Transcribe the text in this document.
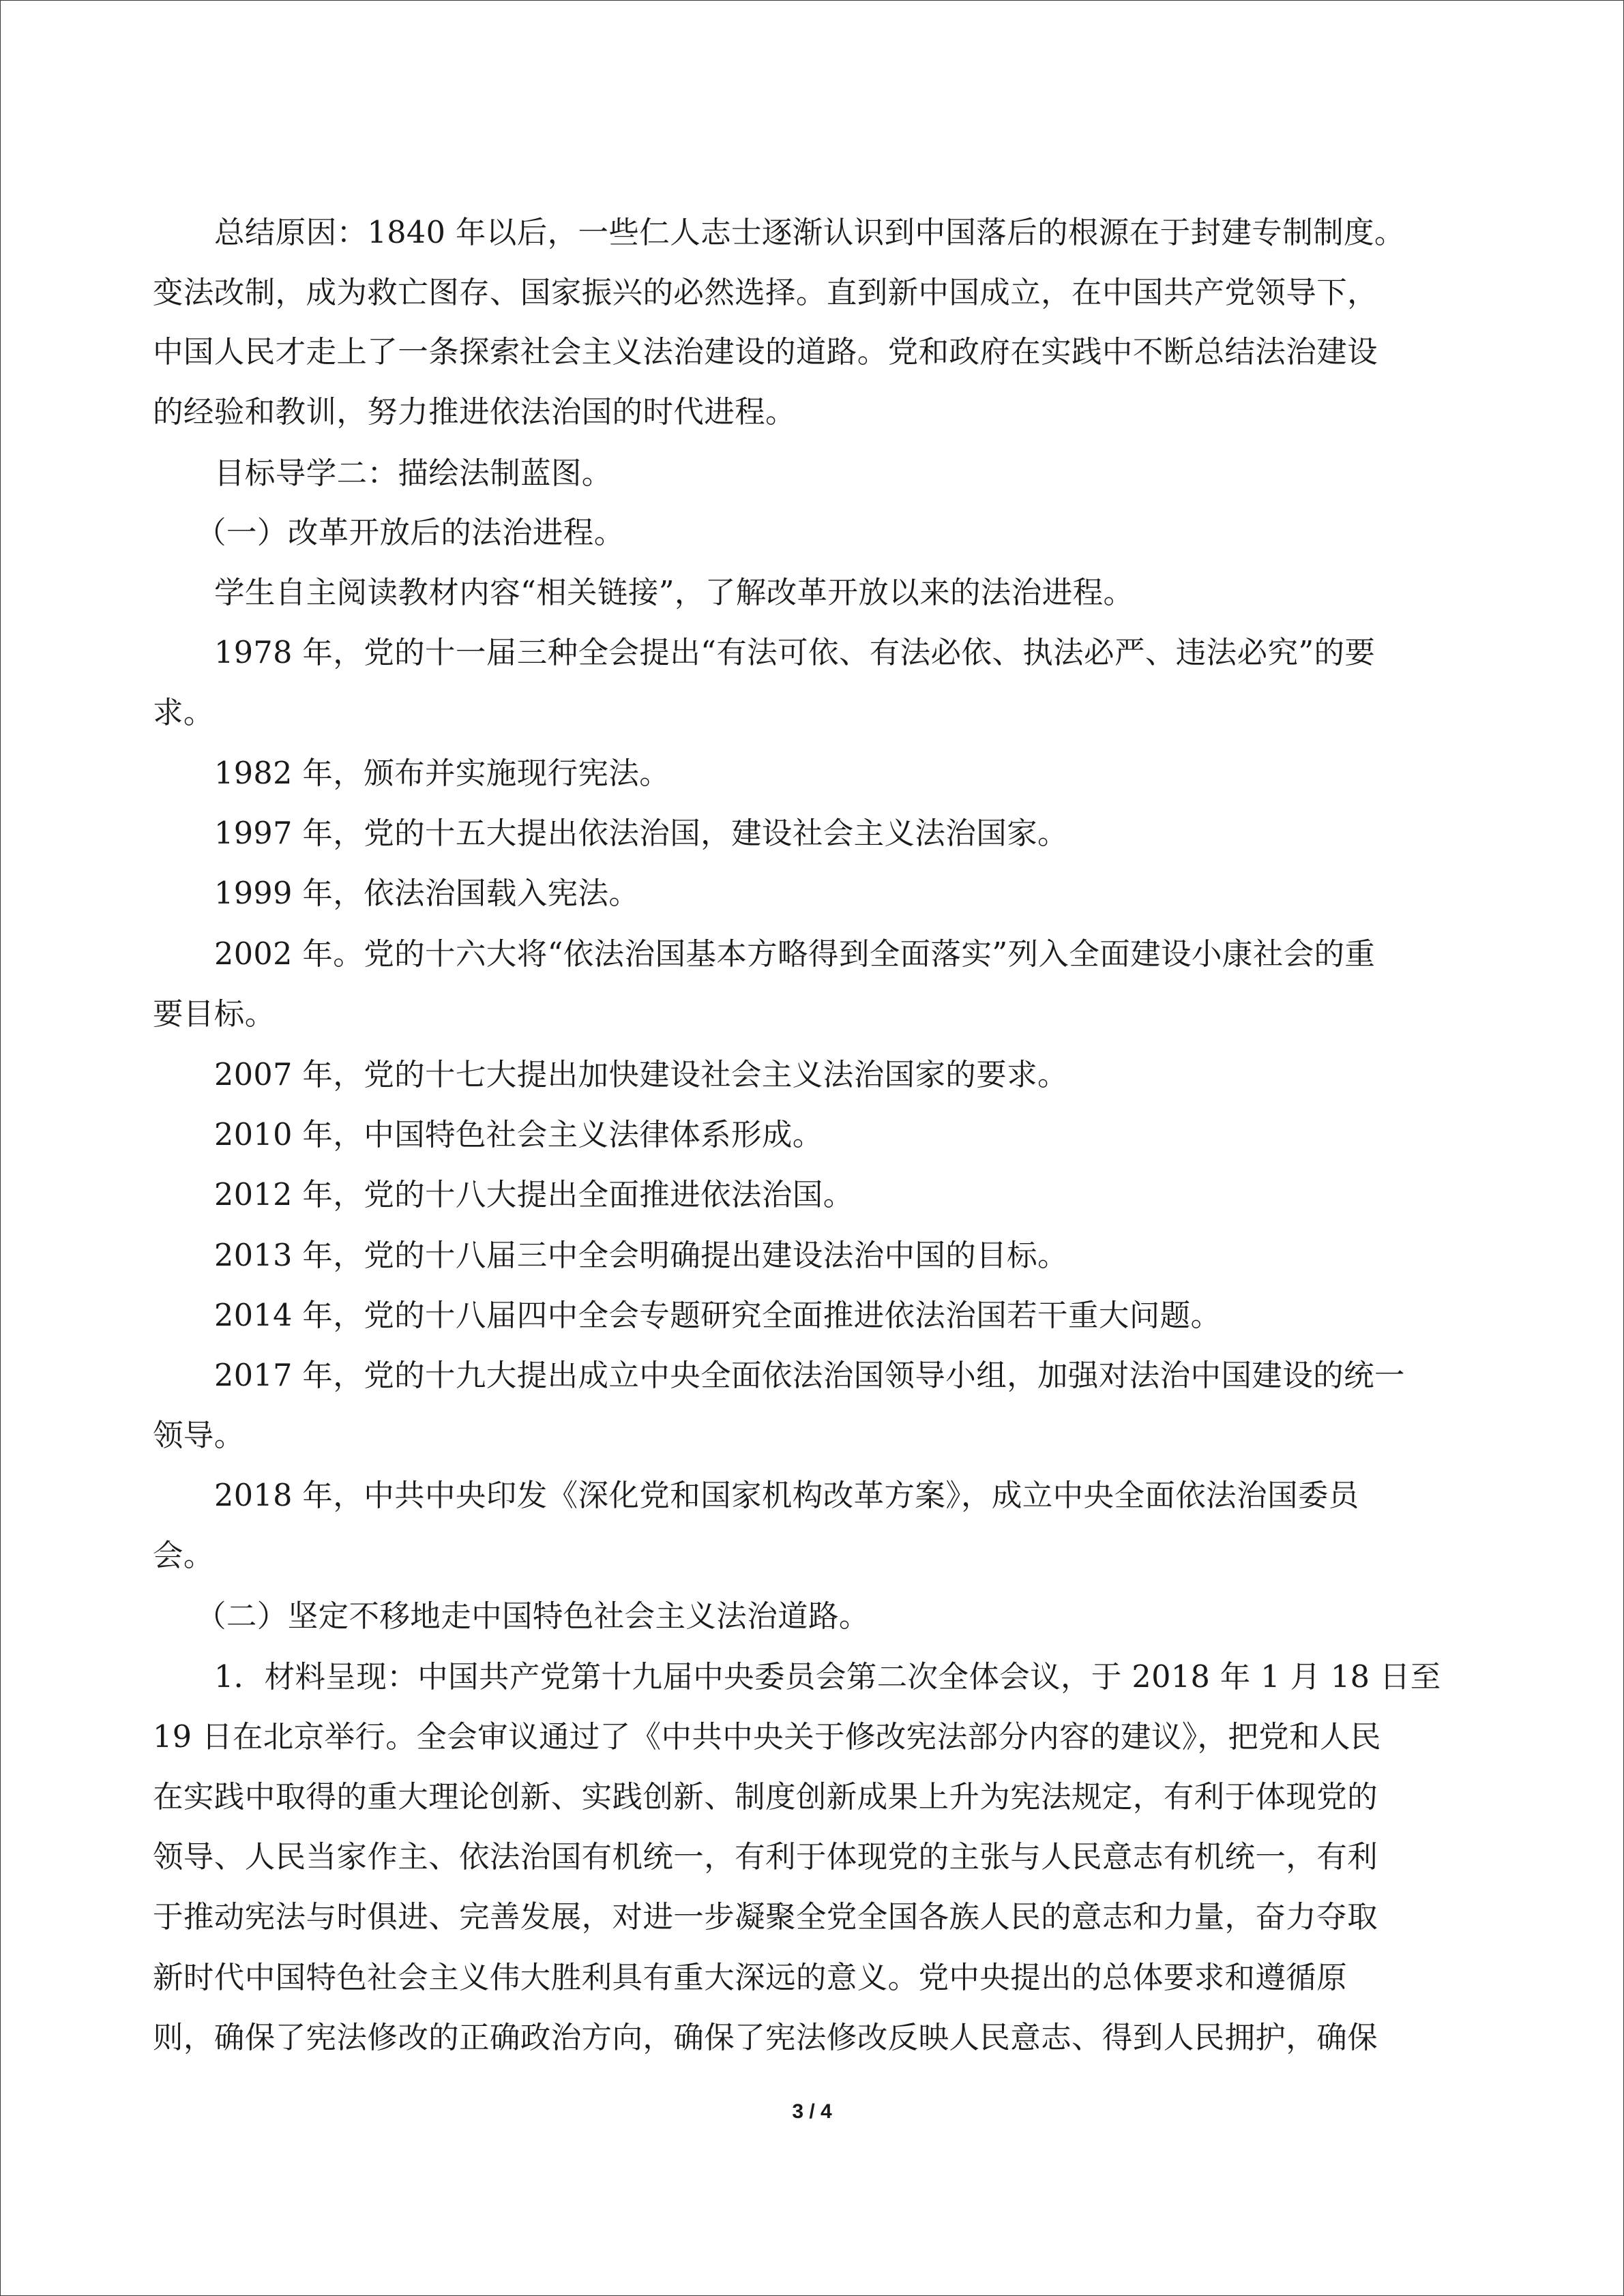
总结原因：1840 年以后，一些仁人志士逐渐认识到中国落后的根源在于封建专制制度。
变法改制，成为救亡图存、国家振兴的必然选择。直到新中国成立，在中国共产党领导下，
中国人民才走上了一条探索社会主义法治建设的道路。党和政府在实践中不断总结法治建设
的经验和教训，努力推进依法治国的时代进程。
目标导学二：描绘法制蓝图。
（一）改革开放后的法治进程。
学生自主阅读教材内容“相关链接”，了解改革开放以来的法治进程。
1978 年，党的十一届三种全会提出“有法可依、有法必依、执法必严、违法必究”的要
求。
1982 年，颁布并实施现行宪法。
1997 年，党的十五大提出依法治国，建设社会主义法治国家。
1999 年，依法治国载入宪法。
2002 年。党的十六大将“依法治国基本方略得到全面落实”列入全面建设小康社会的重
要目标。
2007 年，党的十七大提出加快建设社会主义法治国家的要求。
2010 年，中国特色社会主义法律体系形成。
2012 年，党的十八大提出全面推进依法治国。
2013 年，党的十八届三中全会明确提出建设法治中国的目标。
2014 年，党的十八届四中全会专题研究全面推进依法治国若干重大问题。
2017 年，党的十九大提出成立中央全面依法治国领导小组，加强对法治中国建设的统一
领导。
2018 年，中共中央印发《深化党和国家机构改革方案》，成立中央全面依法治国委员
会。
（二）坚定不移地走中国特色社会主义法治道路。
1．材料呈现：中国共产党第十九届中央委员会第二次全体会议，于 2018 年 1 月 18 日至
19 日在北京举行。全会审议通过了《中共中央关于修改宪法部分内容的建议》，把党和人民
在实践中取得的重大理论创新、实践创新、制度创新成果上升为宪法规定，有利于体现党的
领导、人民当家作主、依法治国有机统一，有利于体现党的主张与人民意志有机统一，有利
于推动宪法与时俱进、完善发展，对进一步凝聚全党全国各族人民的意志和力量，奋力夺取
新时代中国特色社会主义伟大胜利具有重大深远的意义。党中央提出的总体要求和遵循原
则，确保了宪法修改的正确政治方向，确保了宪法修改反映人民意志、得到人民拥护，确保
3 / 4
